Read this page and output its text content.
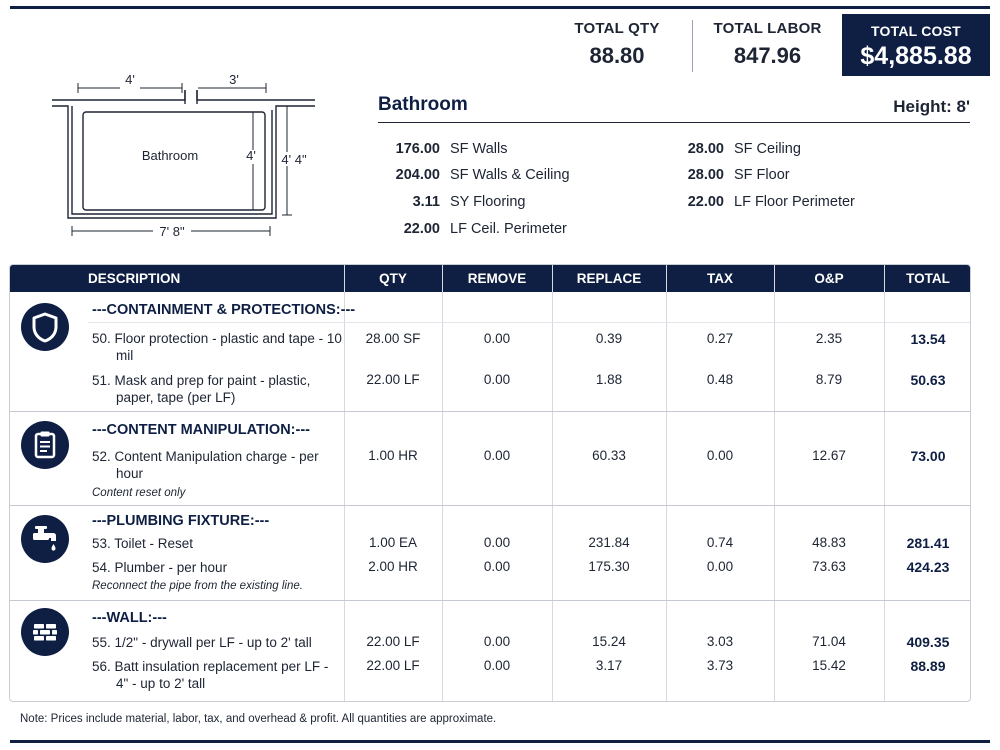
TOTAL QTY
88.80
TOTAL LABOR
847.96
TOTAL COST
$4,885.88
4'	3'
Bathroom	4' 4' 4"
7' 8"
Bathroom	Height: 8'
176.00 SF Walls
204.00 SF Walls & Ceiling
3.11 SY Flooring
22.00 LF Ceil. Perimeter
28.00 SF Ceiling
28.00 SF Floor
22.00 LF Floor Perimeter
DESCRIPTION	QTY	REMOVE	REPLACE	TAX	O&P	TOTAL
---CONTAINMENT & PROTECTIONS:---
50. Floor protection - plastic and tape - 10 mil
28.00 SF	0.00	0.39	0.27	2.35	13.54
51. Mask and prep for paint - plastic, paper, tape (per LF)
22.00 LF	0.00	1.88	0.48	8.79	50.63
---CONTENT MANIPULATION:---
52. Content Manipulation charge - per hour
1.00 HR	0.00	60.33	0.00	12.67	73.00
Content reset only
---PLUMBING FIXTURE:---
53. Toilet - Reset	1.00 EA	0.00	231.84	0.74	48.83	281.41
54. Plumber - per hour	2.00 HR	0.00	175.30	0.00	73.63	424.23
Reconnect the pipe from the existing line.
---WALL:---
55. 1/2" - drywall per LF - up to 2' tall	22.00 LF	0.00	15.24	3.03	71.04	409.35
56. Batt insulation replacement per LF - 4" - up to 2' tall
22.00 LF	0.00	3.17	3.73	15.42	88.89
Note: Prices include material, labor, tax, and overhead & profit. All quantities are approximate.
